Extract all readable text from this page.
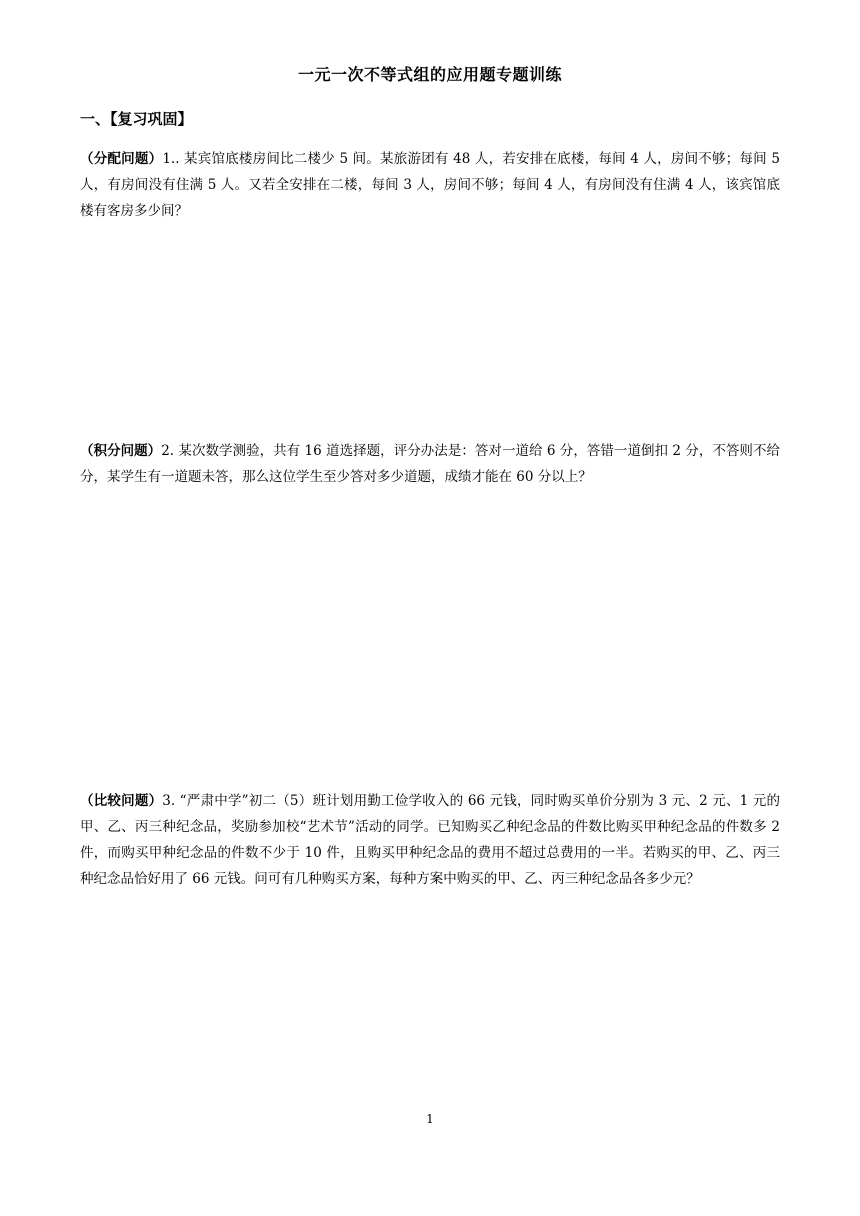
一元一次不等式组的应用题专题训练
一、【复习巩固】
（分配问题）1.. 某宾馆底楼房间比二楼少 5 间。某旅游团有 48 人，若安排在底楼，每间 4 人，房间不够；每间 5 人，有房间没有住满 5 人。又若全安排在二楼，每间 3 人，房间不够；每间 4 人，有房间没有住满 4 人，该宾馆底楼有客房多少间？
（积分问题）2. 某次数学测验，共有 16 道选择题，评分办法是：答对一道给 6 分，答错一道倒扣 2 分，不答则不给分，某学生有一道题未答，那么这位学生至少答对多少道题，成绩才能在 60 分以上？
（比较问题）3. “严肃中学”初二（5）班计划用勤工俭学收入的 66 元钱，同时购买单价分别为 3 元、2 元、1 元的甲、乙、丙三种纪念品，奖励参加校“艺术节”活动的同学。已知购买乙种纪念品的件数比购买甲种纪念品的件数多 2 件，而购买甲种纪念品的件数不少于 10 件，且购买甲种纪念品的费用不超过总费用的一半。若购买的甲、乙、丙三种纪念品恰好用了 66 元钱。问可有几种购买方案，每种方案中购买的甲、乙、丙三种纪念品各多少元？
1
